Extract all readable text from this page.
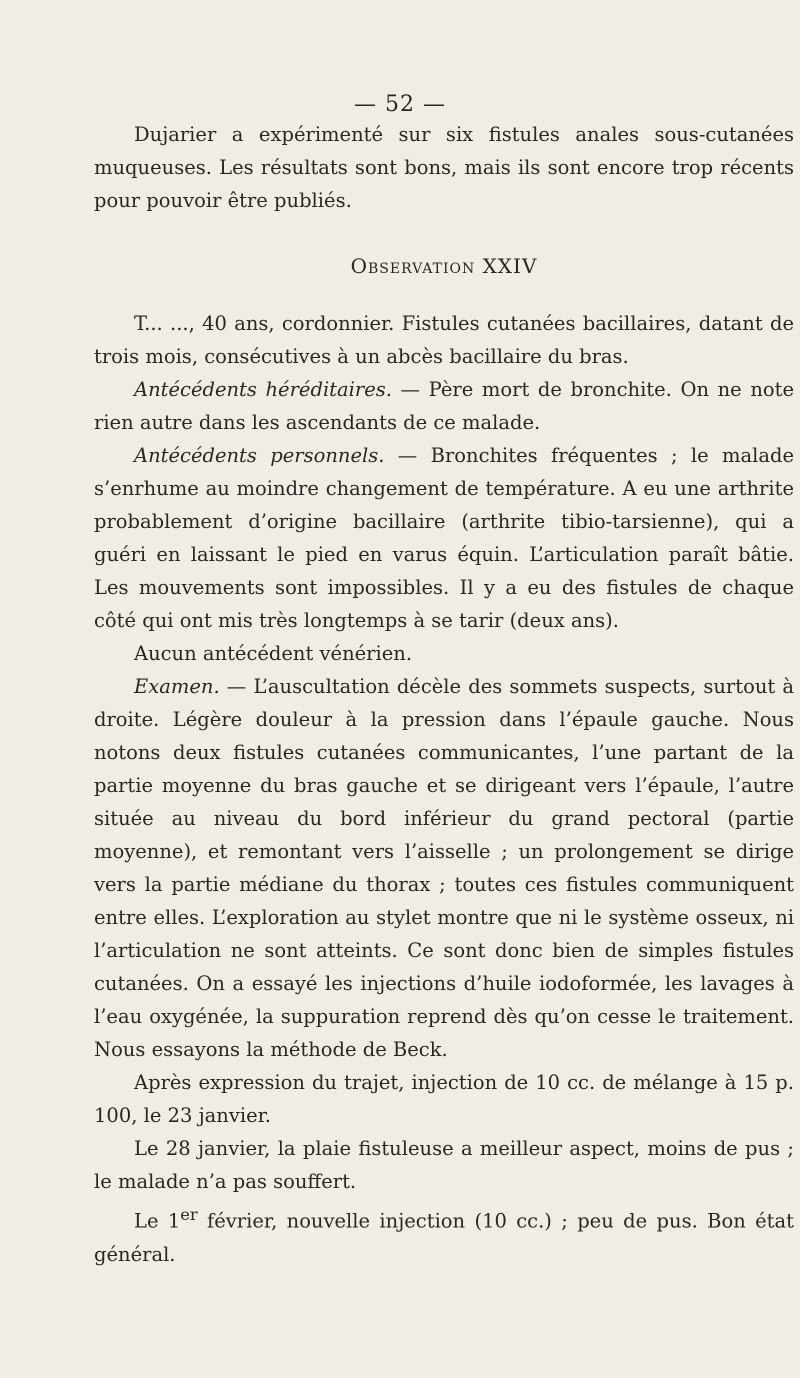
— 52 —

Dujarier a expérimenté sur six fistules anales sous-cutanées muqueuses. Les résultats sont bons, mais ils sont encore trop récents pour pouvoir être publiés.

Observation XXIV

T... ..., 40 ans, cordonnier. Fistules cutanées bacillaires, datant de trois mois, consécutives à un abcès bacillaire du bras.

Antécédents héréditaires. — Père mort de bronchite. On ne note rien autre dans les ascendants de ce malade.

Antécédents personnels. — Bronchites fréquentes ; le malade s’enrhume au moindre changement de température. A eu une arthrite probablement d’origine bacillaire (arthrite tibio-tarsienne), qui a guéri en laissant le pied en varus équin. L’articulation paraît bâtie. Les mouvements sont impossibles. Il y a eu des fistules de chaque côté qui ont mis très longtemps à se tarir (deux ans).

Aucun antécédent vénérien.

Examen. — L’auscultation décèle des sommets suspects, surtout à droite. Légère douleur à la pression dans l’épaule gauche. Nous notons deux fistules cutanées communicantes, l’une partant de la partie moyenne du bras gauche et se dirigeant vers l’épaule, l’autre située au niveau du bord inférieur du grand pectoral (partie moyenne), et remontant vers l’aisselle ; un prolongement se dirige vers la partie médiane du thorax ; toutes ces fistules communiquent entre elles. L’exploration au stylet montre que ni le système osseux, ni l’articulation ne sont atteints. Ce sont donc bien de simples fistules cutanées. On a essayé les injections d’huile iodoformée, les lavages à l’eau oxygénée, la suppuration reprend dès qu’on cesse le traitement. Nous essayons la méthode de Beck.

Après expression du trajet, injection de 10 cc. de mélange à 15 p. 100, le 23 janvier.

Le 28 janvier, la plaie fistuleuse a meilleur aspect, moins de pus ; le malade n’a pas souffert.

Le 1er février, nouvelle injection (10 cc.) ; peu de pus. Bon état général.
